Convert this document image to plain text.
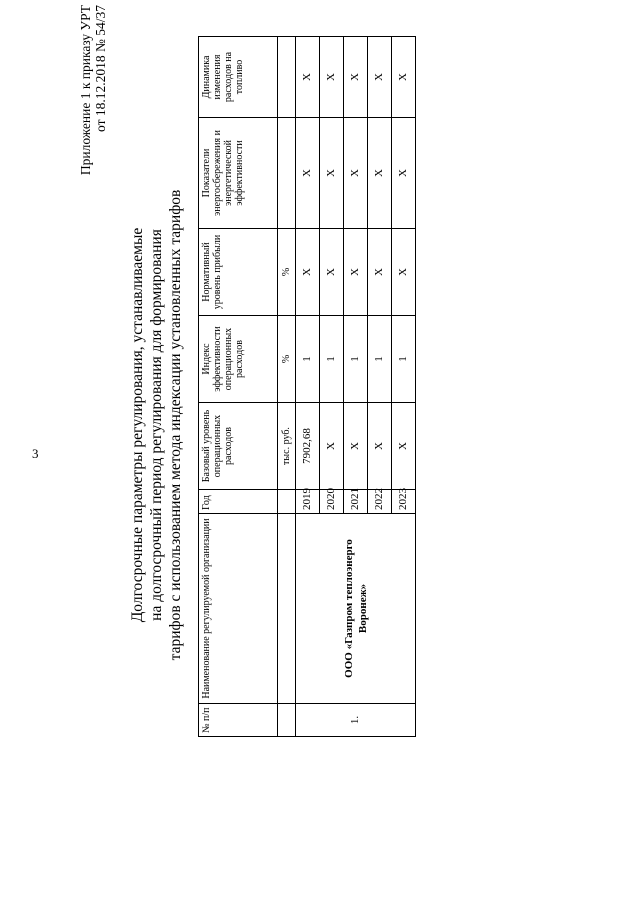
3
Приложение 1 к приказу УРТ от 18.12.2018 № 54/37
Долгосрочные параметры регулирования, устанавливаемые на долгосрочный период регулирования для формирования тарифов с использованием метода индексации установленных тарифов
№ п/п	Наименование регулируемой организации	Год	Базовый уровень операционных расходов	Индекс эффективности операционных расходов	Нормативный уровень прибыли	Показатели энергосбережения и энергетической эффективности	Динамика изменения расходов на топливо
			тыс. руб.	%	%		
1.	ООО «Газпром теплоэнерго Воронеж»	2019	7902,68	1	X	X	X
		2020	X	1	X	X	X
		2021	X	1	X	X	X
		2022	X	1	X	X	X
		2023	X	1	X	X	X
